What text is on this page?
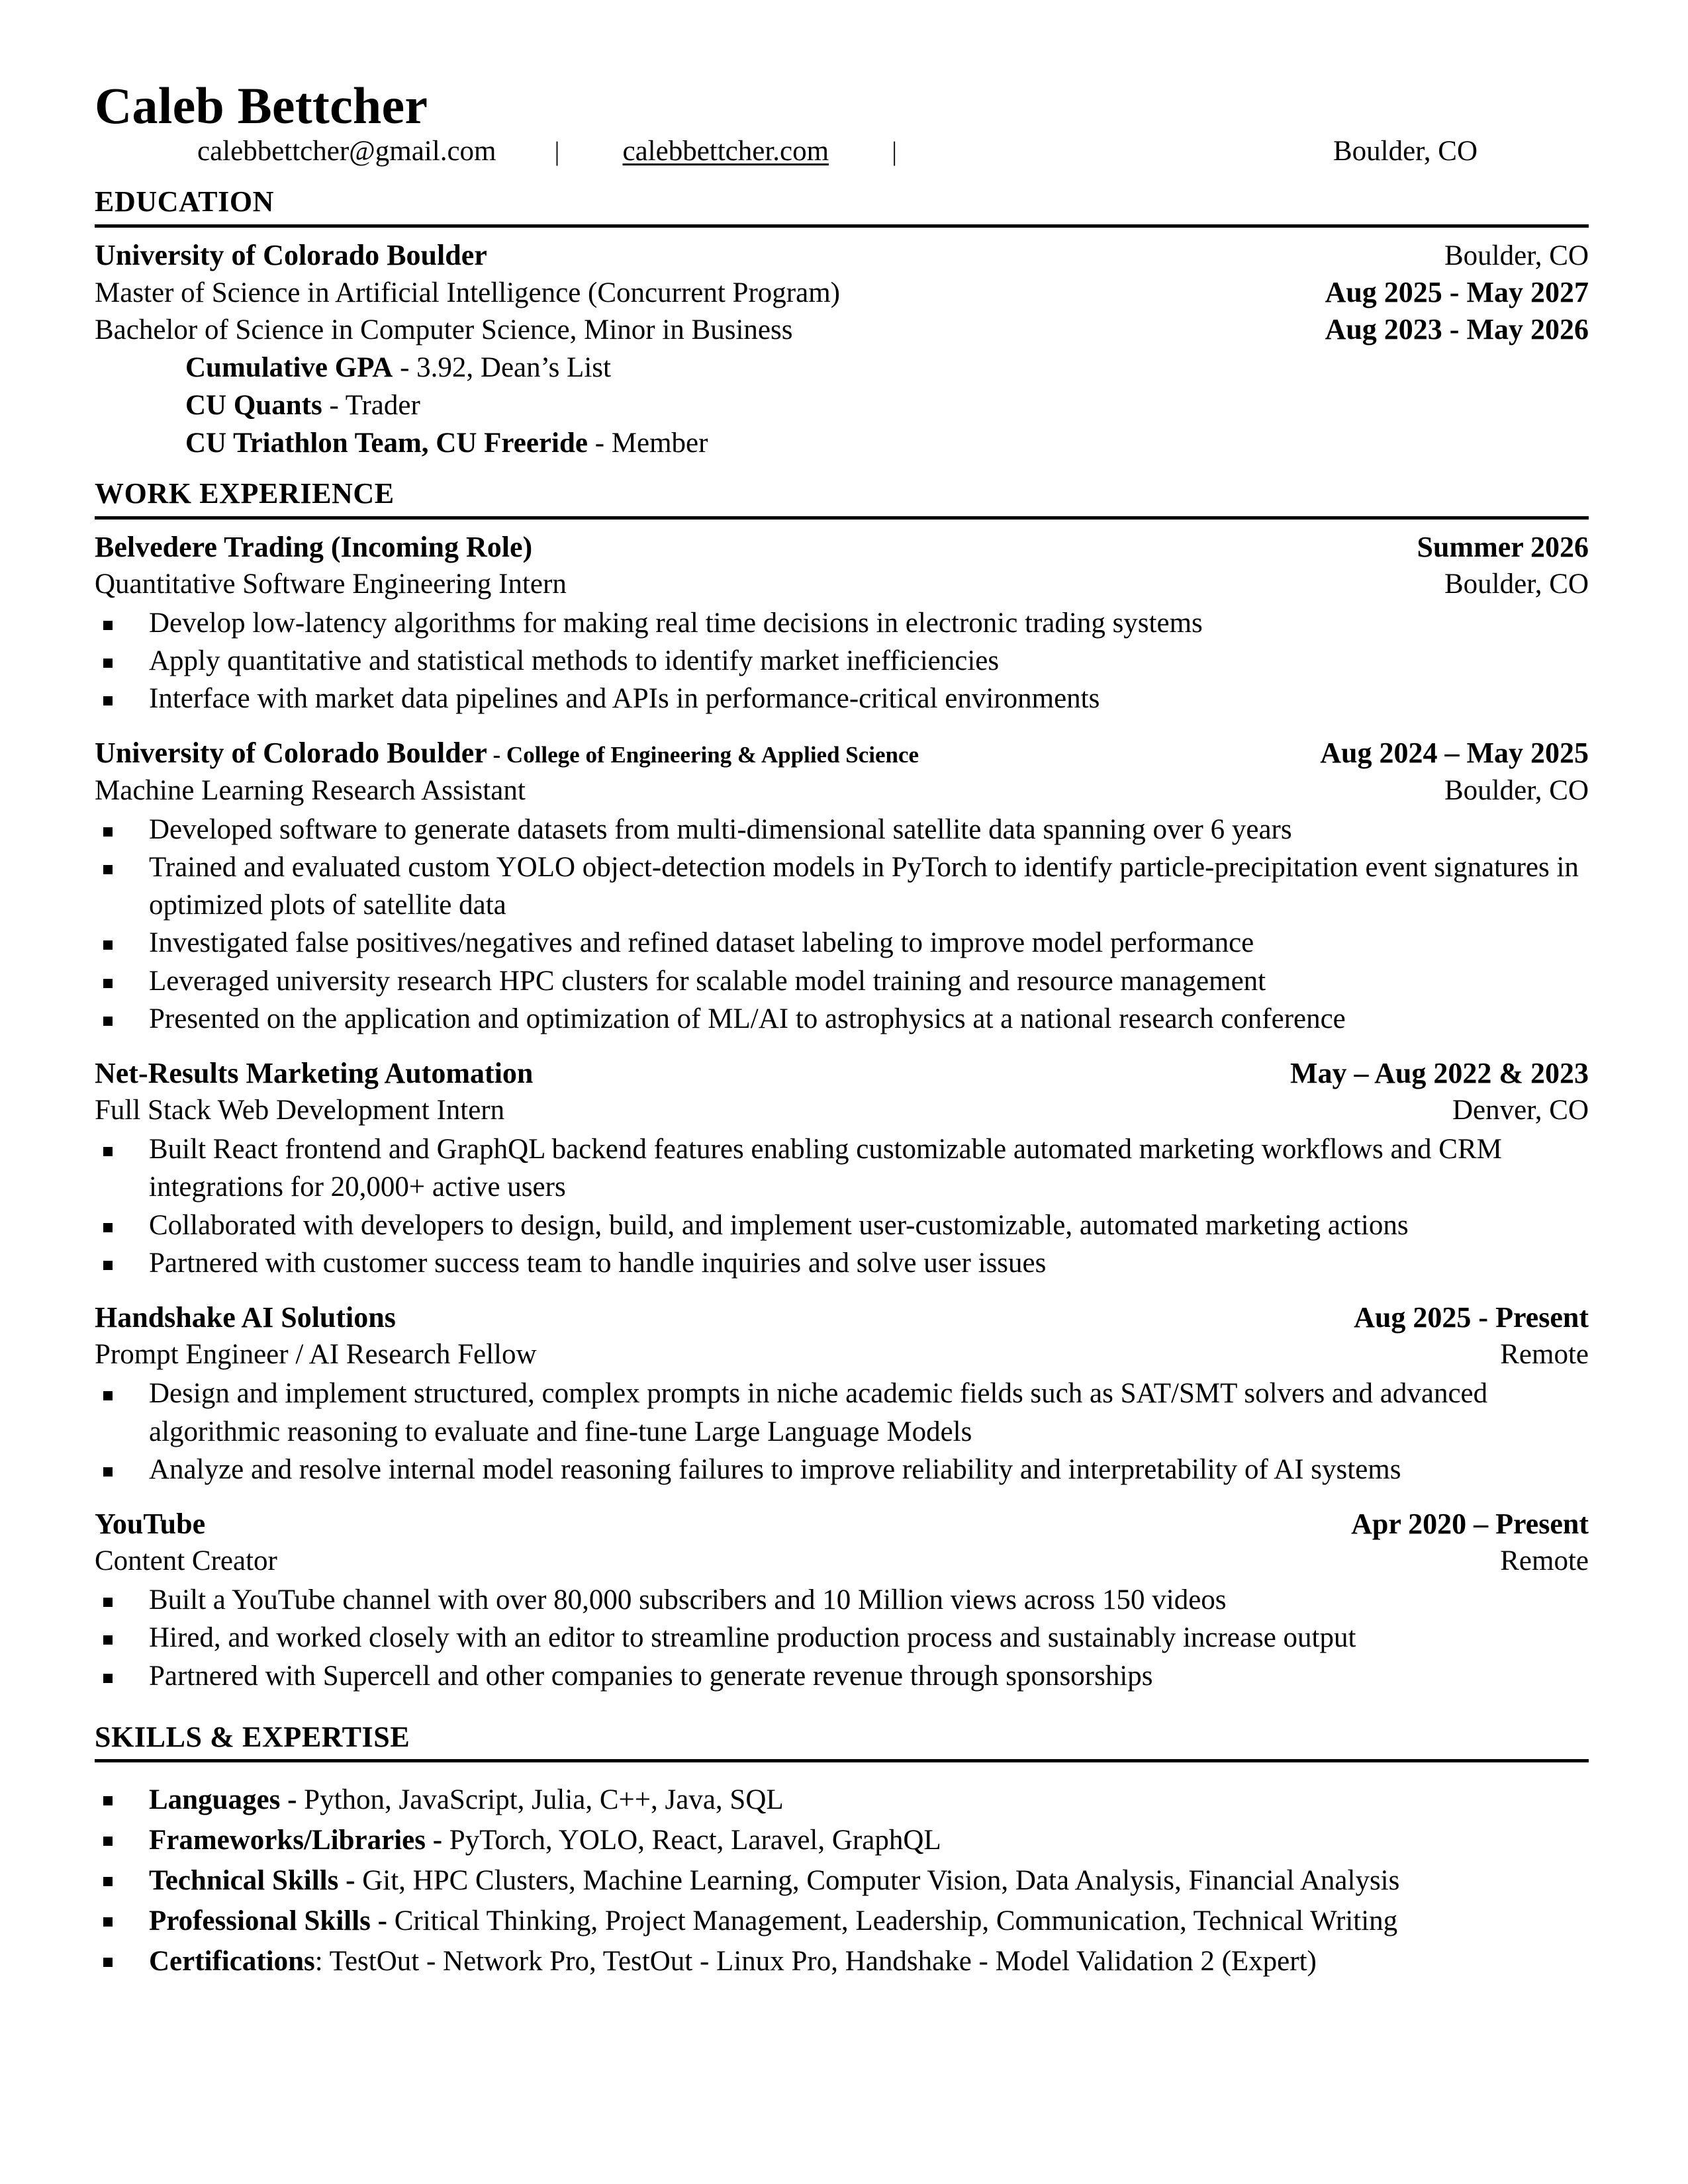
Caleb Bettcher
calebbettcher@gmail.com | calebbettcher.com |	Boulder, CO
EDUCATION
University of Colorado Boulder	Boulder, CO
Master of Science in Artificial Intelligence (Concurrent Program)	Aug 2025 - May 2027
Bachelor of Science in Computer Science, Minor in Business	Aug 2023 - May 2026
Cumulative GPA - 3.92, Dean’s List
CU Quants - Trader
CU Triathlon Team, CU Freeride - Member
WORK EXPERIENCE
Belvedere Trading (Incoming Role)	Summer 2026
Quantitative Software Engineering Intern	Boulder, CO
Develop low-latency algorithms for making real time decisions in electronic trading systems
Apply quantitative and statistical methods to identify market inefficiencies
Interface with market data pipelines and APIs in performance-critical environments
University of Colorado Boulder - College of Engineering & Applied Science	Aug 2024 – May 2025
Machine Learning Research Assistant	Boulder, CO
Developed software to generate datasets from multi-dimensional satellite data spanning over 6 years
Trained and evaluated custom YOLO object-detection models in PyTorch to identify particle-precipitation event signatures in optimized plots of satellite data
Investigated false positives/negatives and refined dataset labeling to improve model performance
Leveraged university research HPC clusters for scalable model training and resource management
Presented on the application and optimization of ML/AI to astrophysics at a national research conference
Net-Results Marketing Automation	May – Aug 2022 & 2023
Full Stack Web Development Intern	Denver, CO
Built React frontend and GraphQL backend features enabling customizable automated marketing workflows and CRM integrations for 20,000+ active users
Collaborated with developers to design, build, and implement user-customizable, automated marketing actions
Partnered with customer success team to handle inquiries and solve user issues
Handshake AI Solutions	Aug 2025 - Present
Prompt Engineer / AI Research Fellow	Remote
Design and implement structured, complex prompts in niche academic fields such as SAT/SMT solvers and advanced algorithmic reasoning to evaluate and fine-tune Large Language Models
Analyze and resolve internal model reasoning failures to improve reliability and interpretability of AI systems
YouTube	Apr 2020 – Present
Content Creator	Remote
Built a YouTube channel with over 80,000 subscribers and 10 Million views across 150 videos
Hired, and worked closely with an editor to streamline production process and sustainably increase output
Partnered with Supercell and other companies to generate revenue through sponsorships
SKILLS & EXPERTISE
Languages - Python, JavaScript, Julia, C++, Java, SQL
Frameworks/Libraries - PyTorch, YOLO, React, Laravel, GraphQL
Technical Skills - Git, HPC Clusters, Machine Learning, Computer Vision, Data Analysis, Financial Analysis
Professional Skills - Critical Thinking, Project Management, Leadership, Communication, Technical Writing
Certifications: TestOut - Network Pro, TestOut - Linux Pro, Handshake - Model Validation 2 (Expert)
